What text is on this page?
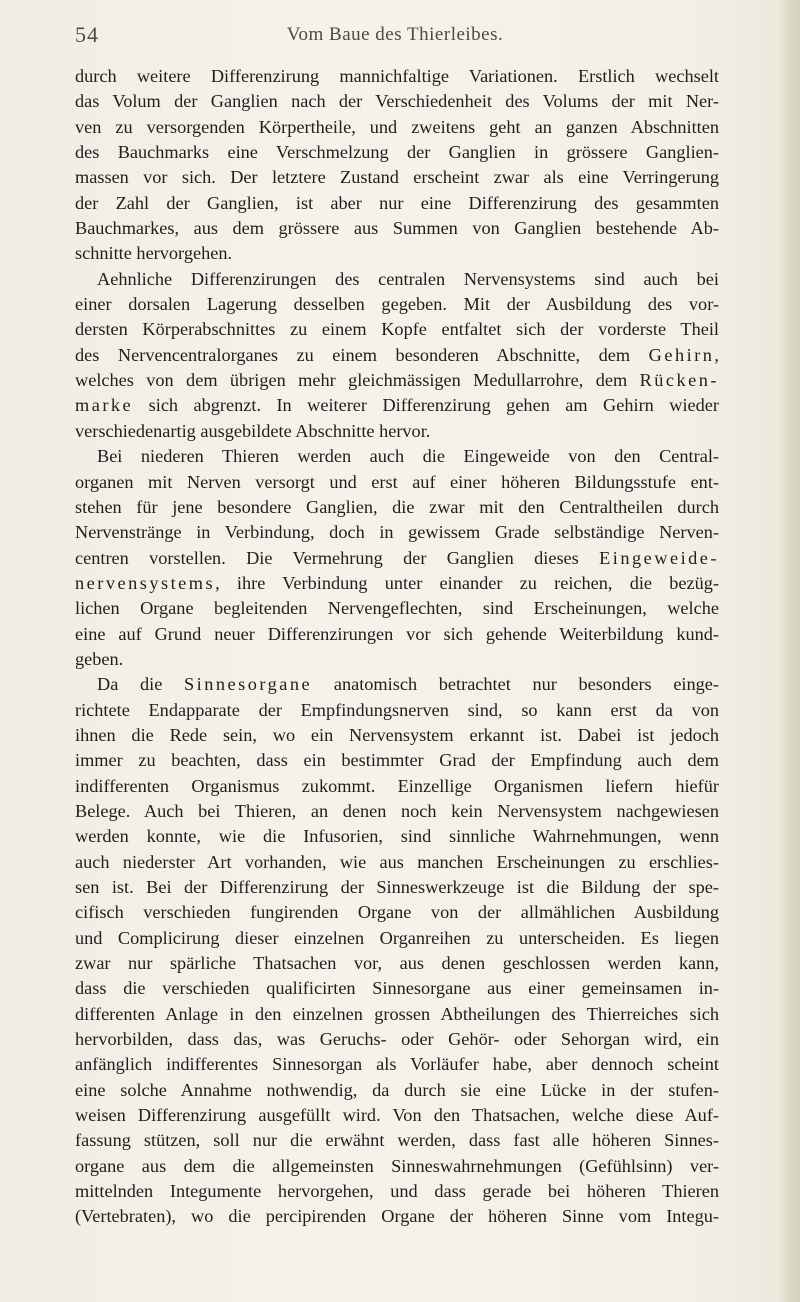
54	Vom Baue des Thierleibes.
durch weitere Differenzirung mannichfaltige Variationen. Erstlich wechselt
das Volum der Ganglien nach der Verschiedenheit des Volums der mit Ner-
ven zu versorgenden Körpertheile, und zweitens geht an ganzen Abschnitten
des Bauchmarks eine Verschmelzung der Ganglien in grössere Ganglien-
massen vor sich. Der letztere Zustand erscheint zwar als eine Verringerung
der Zahl der Ganglien, ist aber nur eine Differenzirung des gesammten
Bauchmarkes, aus dem grössere aus Summen von Ganglien bestehende Ab-
schnitte hervorgehen.
Aehnliche Differenzirungen des centralen Nervensystems sind auch bei
einer dorsalen Lagerung desselben gegeben. Mit der Ausbildung des vor-
dersten Körperabschnittes zu einem Kopfe entfaltet sich der vorderste Theil
des Nervencentralorganes zu einem besonderen Abschnitte, dem Gehirn,
welches von dem übrigen mehr gleichmässigen Medullarrohre, dem Rücken-
marke sich abgrenzt. In weiterer Differenzirung gehen am Gehirn wieder
verschiedenartig ausgebildete Abschnitte hervor.
Bei niederen Thieren werden auch die Eingeweide von den Central-
organen mit Nerven versorgt und erst auf einer höheren Bildungsstufe ent-
stehen für jene besondere Ganglien, die zwar mit den Centraltheilen durch
Nervenstränge in Verbindung, doch in gewissem Grade selbständige Nerven-
centren vorstellen. Die Vermehrung der Ganglien dieses Eingeweide-
nervensystems, ihre Verbindung unter einander zu reichen, die bezüg-
lichen Organe begleitenden Nervengeflechten, sind Erscheinungen, welche
eine auf Grund neuer Differenzirungen vor sich gehende Weiterbildung kund-
geben.
Da die Sinnesorgane anatomisch betrachtet nur besonders einge-
richtete Endapparate der Empfindungsnerven sind, so kann erst da von
ihnen die Rede sein, wo ein Nervensystem erkannt ist. Dabei ist jedoch
immer zu beachten, dass ein bestimmter Grad der Empfindung auch dem
indifferenten Organismus zukommt. Einzellige Organismen liefern hiefür
Belege. Auch bei Thieren, an denen noch kein Nervensystem nachgewiesen
werden konnte, wie die Infusorien, sind sinnliche Wahrnehmungen, wenn
auch niederster Art vorhanden, wie aus manchen Erscheinungen zu erschlies-
sen ist. Bei der Differenzirung der Sinneswerkzeuge ist die Bildung der spe-
cifisch verschieden fungirenden Organe von der allmählichen Ausbildung
und Complicirung dieser einzelnen Organreihen zu unterscheiden. Es liegen
zwar nur spärliche Thatsachen vor, aus denen geschlossen werden kann,
dass die verschieden qualificirten Sinnesorgane aus einer gemeinsamen in-
differenten Anlage in den einzelnen grossen Abtheilungen des Thierreiches sich
hervorbilden, dass das, was Geruchs- oder Gehör- oder Sehorgan wird, ein
anfänglich indifferentes Sinnesorgan als Vorläufer habe, aber dennoch scheint
eine solche Annahme nothwendig, da durch sie eine Lücke in der stufen-
weisen Differenzirung ausgefüllt wird. Von den Thatsachen, welche diese Auf-
fassung stützen, soll nur die erwähnt werden, dass fast alle höheren Sinnes-
organe aus dem die allgemeinsten Sinneswahrnehmungen (Gefühlsinn) ver-
mittelnden Integumente hervorgehen, und dass gerade bei höheren Thieren
(Vertebraten), wo die percipirenden Organe der höheren Sinne vom Integu-
